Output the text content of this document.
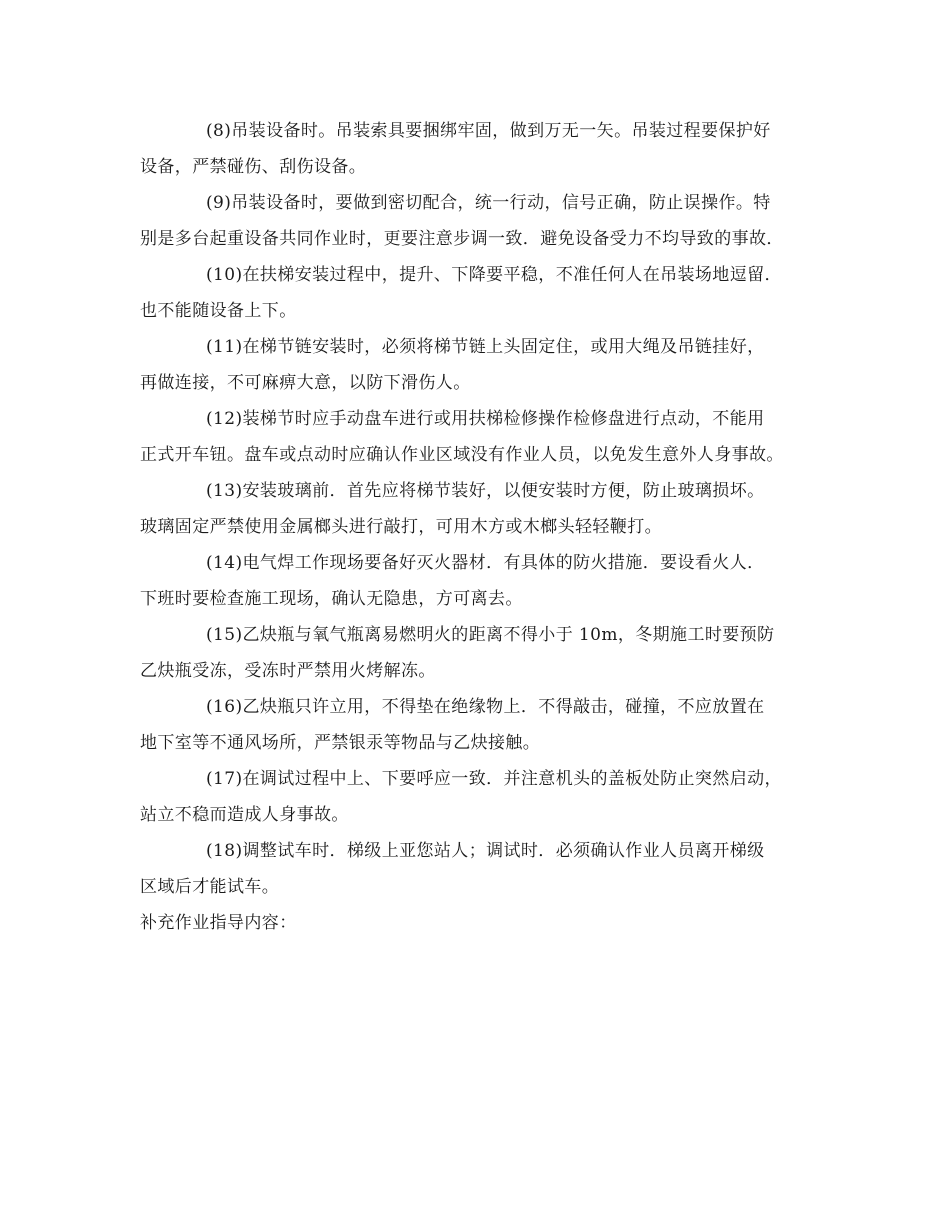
(8)吊装设备时。吊装索具要捆绑牢固，做到万无一矢。吊装过程要保护好
设备，严禁碰伤、刮伤设备。
(9)吊装设备时，要做到密切配合，统一行动，信号正确，防止误操作。特
别是多台起重设备共同作业时，更要注意步调一致．避免设备受力不均导致的事故．
(10)在扶梯安装过程中，提升、下降要平稳，不准任何人在吊装场地逗留．
也不能随设备上下。
(11)在梯节链安装时，必须将梯节链上头固定住，或用大绳及吊链挂好，
再做连接，不可麻痹大意，以防下滑伤人。
(12)装梯节时应手动盘车进行或用扶梯检修操作检修盘进行点动，不能用
正式开车钮。盘车或点动时应确认作业区域没有作业人员，以免发生意外人身事故。
(13)安装玻璃前．首先应将梯节装好，以便安装时方便，防止玻璃损坏。
玻璃固定严禁使用金属榔头进行敲打，可用木方或木榔头轻轻鞭打。
(14)电气焊工作现场要备好灭火器材．有具体的防火措施．要设看火人．
下班时要检查施工现场，确认无隐患，方可离去。
(15)乙炔瓶与氧气瓶离易燃明火的距离不得小于 10m，冬期施工时要预防
乙炔瓶受冻，受冻时严禁用火烤解冻。
(16)乙炔瓶只许立用，不得垫在绝缘物上．不得敲击，碰撞，不应放置在
地下室等不通风场所，严禁银汞等物品与乙炔接触。
(17)在调试过程中上、下要呼应一致．并注意机头的盖板处防止突然启动，
站立不稳而造成人身事故。
(18)调整试车时．梯级上亚您站人；调试时．必须确认作业人员离开梯级
区域后才能试车。

补充作业指导内容：
